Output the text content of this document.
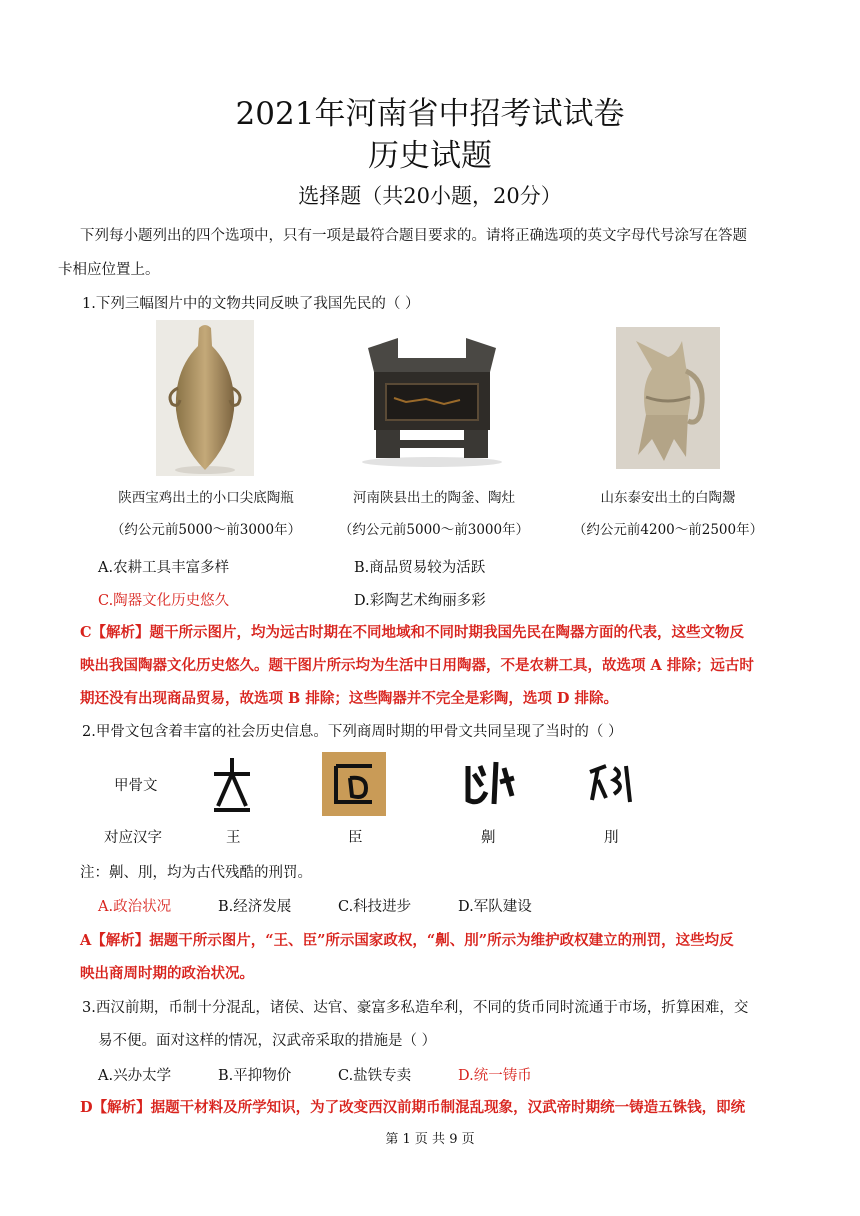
2021年河南省中招考试试卷
历史试题
选择题（共20小题，20分）
下列每小题列出的四个选项中，只有一项是最符合题目要求的。请将正确选项的英文字母代号涂写在答题
卡相应位置上。
1.下列三幅图片中的文物共同反映了我国先民的（ ）
陕西宝鸡出土的小口尖底陶瓶	河南陕县出土的陶釜、陶灶	山东泰安出土的白陶鬶
（约公元前5000～前3000年）	（约公元前5000～前3000年）	（约公元前4200～前2500年）
A.农耕工具丰富多样	B.商品贸易较为活跃
C.陶器文化历史悠久	D.彩陶艺术绚丽多彩
C【解析】题干所示图片，均为远古时期在不同地域和不同时期我国先民在陶器方面的代表，这些文物反
映出我国陶器文化历史悠久。题干图片所示均为生活中日用陶器，不是农耕工具，故选项 A 排除；远古时
期还没有出现商品贸易，故选项 B 排除；这些陶器并不完全是彩陶，选项 D 排除。
2.甲骨文包含着丰富的社会历史信息。下列商周时期的甲骨文共同呈现了当时的（ ）
甲骨文
对应汉字	王	臣	劓	刖
注：劓、刖，均为古代残酷的刑罚。
A.政治状况	B.经济发展	C.科技进步	D.军队建设
A【解析】据题干所示图片，“王、臣”所示国家政权，“劓、刖”所示为维护政权建立的刑罚，这些均反
映出商周时期的政治状况。
3.西汉前期，币制十分混乱，诸侯、达官、豪富多私造牟利，不同的货币同时流通于市场，折算困难，交
易不便。面对这样的情况，汉武帝采取的措施是（ ）
A.兴办太学	B.平抑物价	C.盐铁专卖	D.统一铸币
D【解析】据题干材料及所学知识，为了改变西汉前期币制混乱现象，汉武帝时期统一铸造五铢钱，即统
第 1 页 共 9 页
